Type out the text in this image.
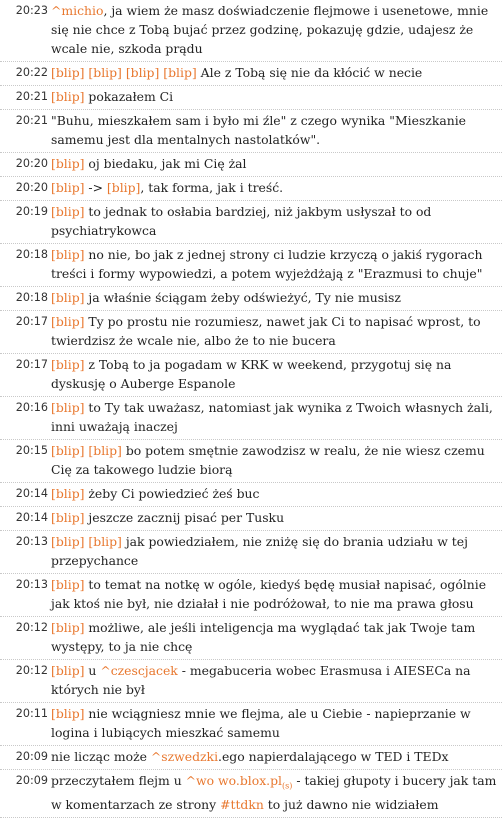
20:23 ^michio, ja wiem że masz doświadczenie flejmowe i usenetowe, mnie się nie chce z Tobą bujać przez godzinę, pokazuję gdzie, udajesz że wcale nie, szkoda prądu
20:22 [blip] [blip] [blip] [blip] Ale z Tobą się nie da kłócić w necie
20:21 [blip] pokazałem Ci
20:21 "Buhu, mieszkałem sam i było mi źle" z czego wynika "Mieszkanie samemu jest dla mentalnych nastolatków".
20:20 [blip] oj biedaku, jak mi Cię żal
20:20 [blip] -> [blip], tak forma, jak i treść.
20:19 [blip] to jednak to osłabia bardziej, niż jakbym usłyszał to od psychiatrykowca
20:18 [blip] no nie, bo jak z jednej strony ci ludzie krzyczą o jakiś rygorach treści i formy wypowiedzi, a potem wyjeżdżają z "Erazmusi to chuje"
20:18 [blip] ja właśnie ściągam żeby odświeżyć, Ty nie musisz
20:17 [blip] Ty po prostu nie rozumiesz, nawet jak Ci to napisać wprost, to twierdzisz że wcale nie, albo że to nie bucera
20:17 [blip] z Tobą to ja pogadam w KRK w weekend, przygotuj się na dyskusję o Auberge Espanole
20:16 [blip] to Ty tak uważasz, natomiast jak wynika z Twoich własnych żali, inni uważają inaczej
20:15 [blip] [blip] bo potem smętnie zawodzisz w realu, że nie wiesz czemu Cię za takowego ludzie biorą
20:14 [blip] żeby Ci powiedzieć żeś buc
20:14 [blip] jeszcze zacznij pisać per Tusku
20:13 [blip] [blip] jak powiedziałem, nie zniżę się do brania udziału w tej przepychance
20:13 [blip] to temat na notkę w ogóle, kiedyś będę musiał napisać, ogólnie jak ktoś nie był, nie działał i nie podróżował, to nie ma prawa głosu
20:12 [blip] możliwe, ale jeśli inteligencja ma wyglądać tak jak Twoje tam występy, to ja nie chcę
20:12 [blip] u ^czescjacek - megabuceria wobec Erasmusa i AIESECa na których nie był
20:11 [blip] nie wciągniesz mnie we flejma, ale u Ciebie - napieprzanie w logina i lubiących mieszkać samemu
20:09 nie licząc może ^szwedzki.ego napierdalającego w TED i TEDx
20:09 przeczytałem flejm u ^wo $wo.blox.pl_{(s)}$ - takiej głupoty i bucery jak tam w komentarzach ze strony #ttdkn to już dawno nie widziałem
